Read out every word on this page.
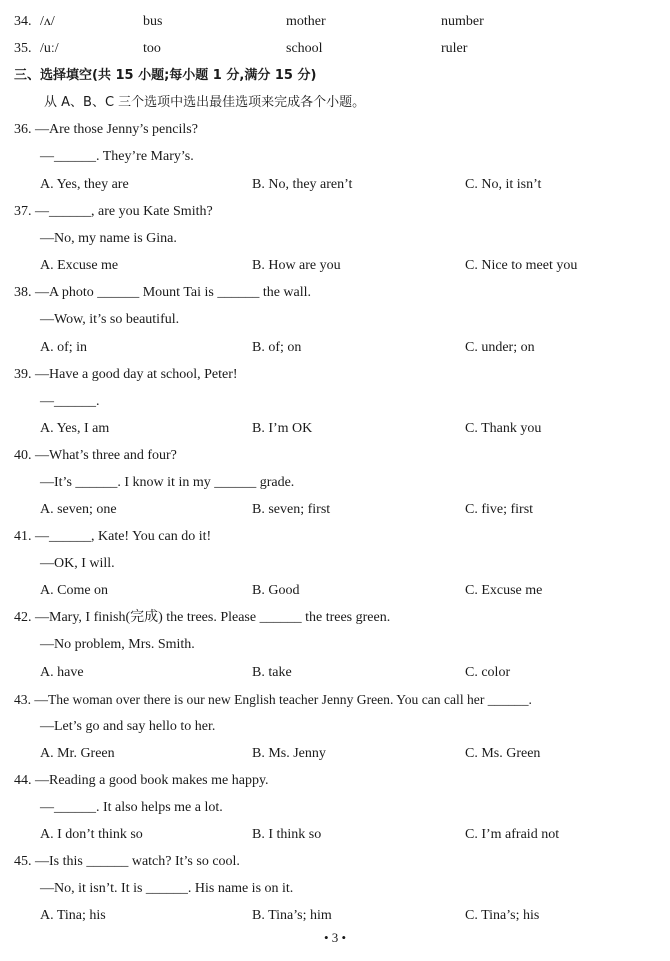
34. /ʌ/	bus	mother	number
35. /uː/	too	school	ruler
三、选择填空(共 15 小题;每小题 1 分,满分 15 分)
从 A、B、C 三个选项中选出最佳选项来完成各个小题。
36. —Are those Jenny’s pencils?
—______. They’re Mary’s.
A. Yes, they are	B. No, they aren’t	C. No, it isn’t
37. —______, are you Kate Smith?
—No, my name is Gina.
A. Excuse me	B. How are you	C. Nice to meet you
38. —A photo ______ Mount Tai is ______ the wall.
—Wow, it’s so beautiful.
A. of; in	B. of; on	C. under; on
39. —Have a good day at school, Peter!
—______.
A. Yes, I am	B. I’m OK	C. Thank you
40. —What’s three and four?
—It’s ______. I know it in my ______ grade.
A. seven; one	B. seven; first	C. five; first
41. —______, Kate! You can do it!
—OK, I will.
A. Come on	B. Good	C. Excuse me
42. —Mary, I finish(完成) the trees. Please ______ the trees green.
—No problem, Mrs. Smith.
A. have	B. take	C. color
43. —The woman over there is our new English teacher Jenny Green. You can call her ______.
—Let’s go and say hello to her.
A. Mr. Green	B. Ms. Jenny	C. Ms. Green
44. —Reading a good book makes me happy.
—______. It also helps me a lot.
A. I don’t think so	B. I think so	C. I’m afraid not
45. —Is this ______ watch? It’s so cool.
—No, it isn’t. It is ______. His name is on it.
A. Tina; his	B. Tina’s; him	C. Tina’s; his
• 3 •
